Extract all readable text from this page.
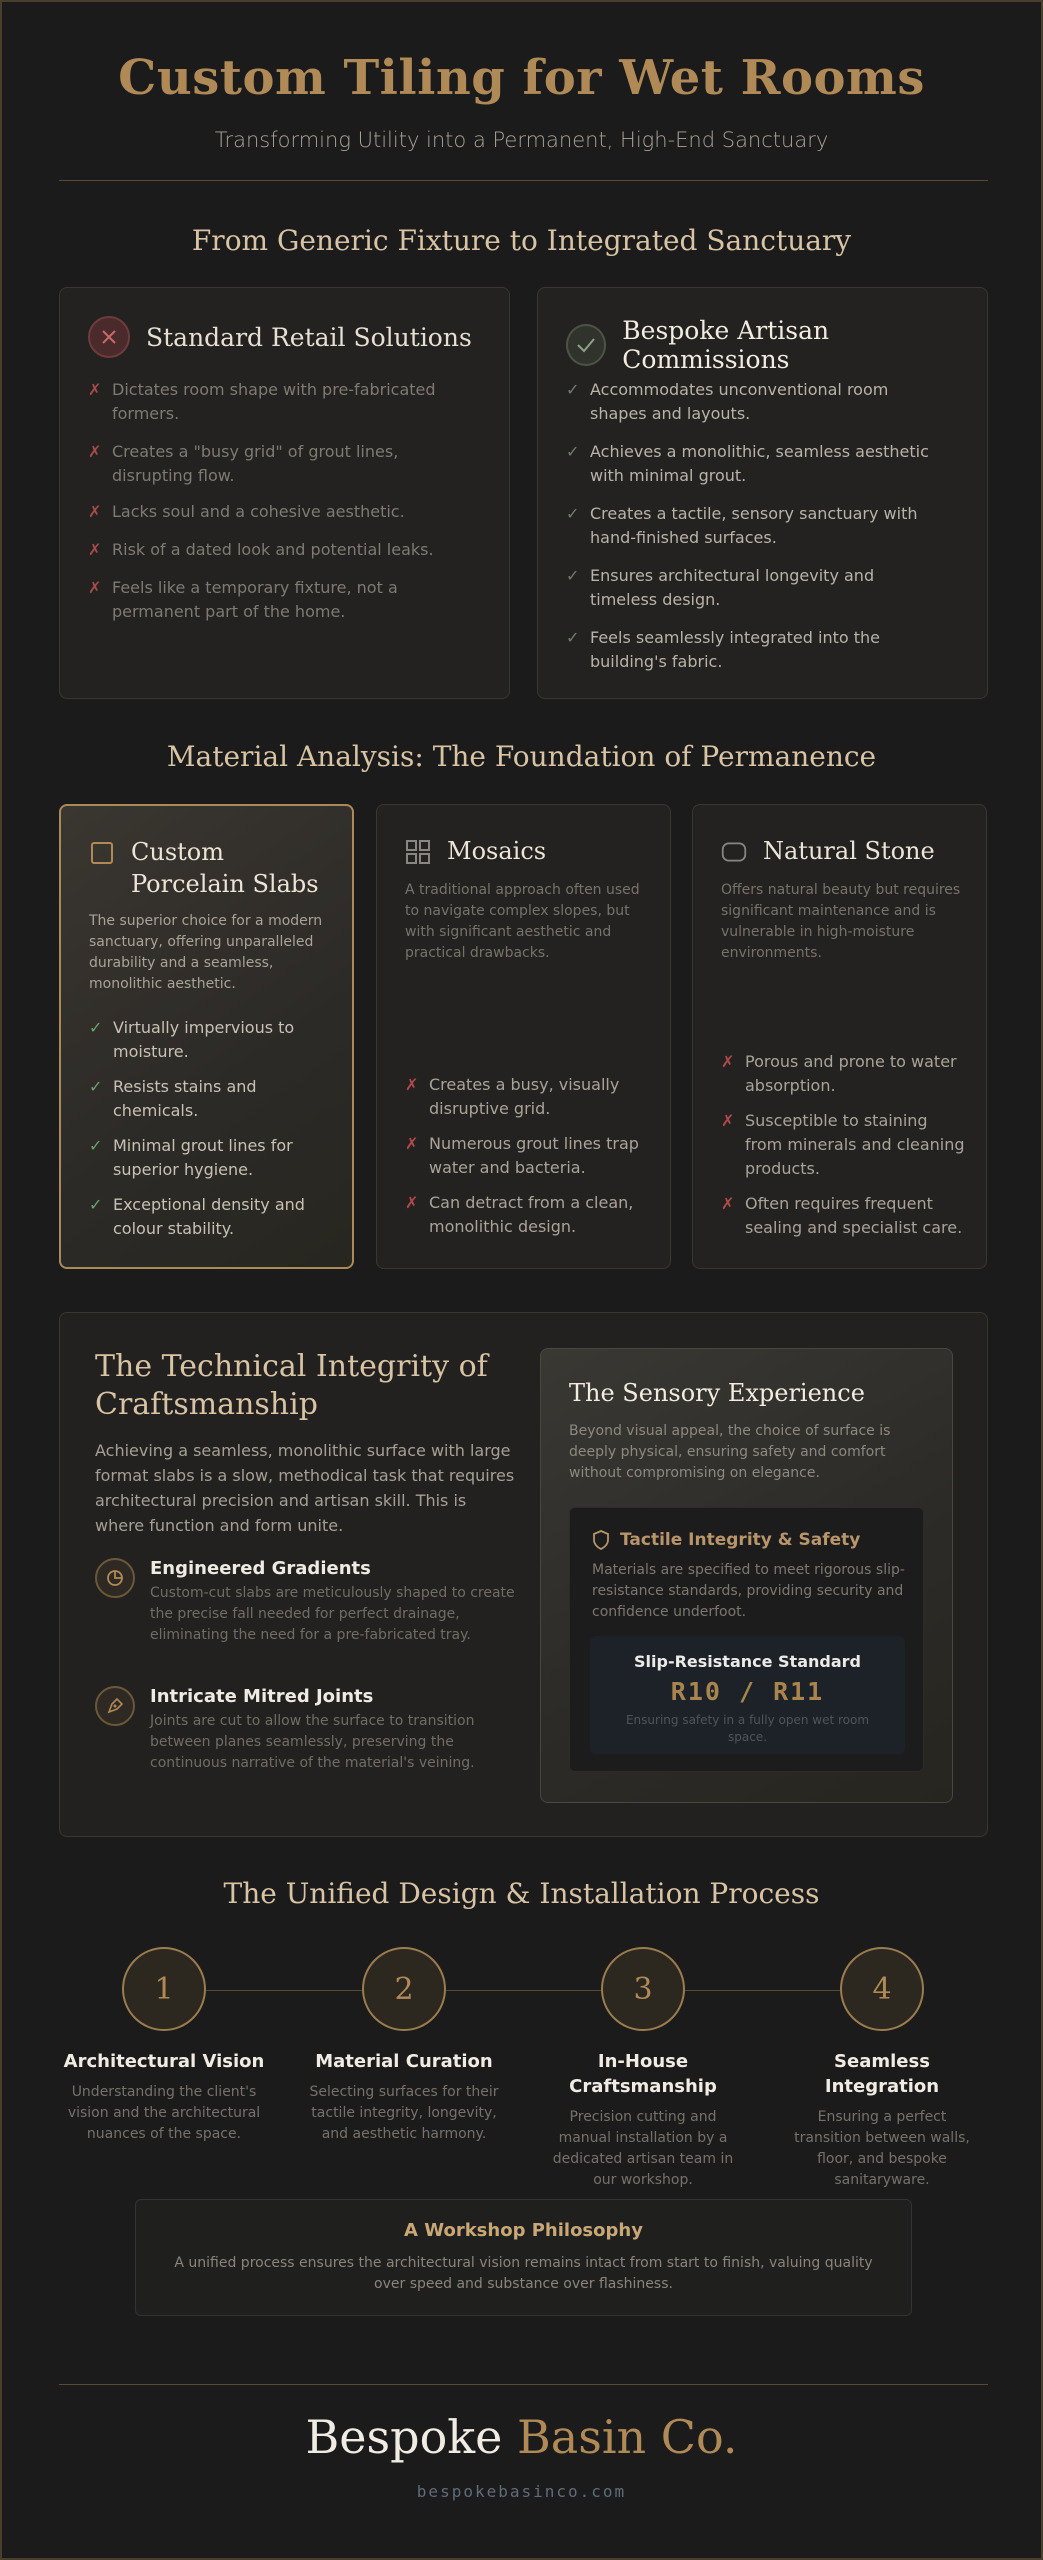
Custom Tiling for Wet Rooms

Transforming Utility into a Permanent, High-End Sanctuary

From Generic Fixture to Integrated Sanctuary
Standard Retail Solutions
✗ Dictates room shape with pre-fabricated formers.
✗ Creates a "busy grid" of grout lines, disrupting flow.
✗ Lacks soul and a cohesive aesthetic.
✗ Risk of a dated look and potential leaks.
✗ Feels like a temporary fixture, not a permanent part of the home.
Bespoke Artisan Commissions
✓ Accommodates unconventional room shapes and layouts.
✓ Achieves a monolithic, seamless aesthetic with minimal grout.
✓ Creates a tactile, sensory sanctuary with hand-finished surfaces.
✓ Ensures architectural longevity and timeless design.
✓ Feels seamlessly integrated into the building's fabric.
Material Analysis: The Foundation of Permanence
Custom Porcelain Slabs
The superior choice for a modern sanctuary, offering unparalleled durability and a seamless, monolithic aesthetic.
✓ Virtually impervious to moisture.
✓ Resists stains and chemicals.
✓ Minimal grout lines for superior hygiene.
✓ Exceptional density and colour stability.
Mosaics
A traditional approach often used to navigate complex slopes, but with significant aesthetic and practical drawbacks.
✗ Creates a busy, visually disruptive grid.
✗ Numerous grout lines trap water and bacteria.
✗ Can detract from a clean, monolithic design.
Natural Stone
Offers natural beauty but requires significant maintenance and is vulnerable in high-moisture environments.
✗ Porous and prone to water absorption.
✗ Susceptible to staining from minerals and cleaning products.
✗ Often requires frequent sealing and specialist care.
The Technical Integrity of Craftsmanship
Achieving a seamless, monolithic surface with large format slabs is a slow, methodical task that requires architectural precision and artisan skill. This is where function and form unite.
Engineered Gradients
Custom-cut slabs are meticulously shaped to create the precise fall needed for perfect drainage, eliminating the need for a pre-fabricated tray.
Intricate Mitred Joints
Joints are cut to allow the surface to transition between planes seamlessly, preserving the continuous narrative of the material's veining.
The Sensory Experience

Beyond visual appeal, the choice of surface is deeply physical, ensuring safety and comfort without compromising on elegance.

Tactile Integrity & Safety
Materials are specified to meet rigorous slip-resistance standards, providing security and confidence underfoot.
Slip-Resistance Standard
R10 / R11
Ensuring safety in a fully open wet room space.
The Unified Design & Installation Process
1
Architectural Vision
Understanding the client's vision and the architectural nuances of the space.
2
Material Curation
Selecting surfaces for their tactile integrity, longevity, and aesthetic harmony.
3
In-House Craftsmanship
Precision cutting and manual installation by a dedicated artisan team in our workshop.
4
Seamless Integration
Ensuring a perfect transition between walls, floor, and bespoke sanitaryware.
A Workshop Philosophy
A unified process ensures the architectural vision remains intact from start to finish, valuing quality over speed and substance over flashiness.
Bespoke Basin Co.
bespokebasinco.com
